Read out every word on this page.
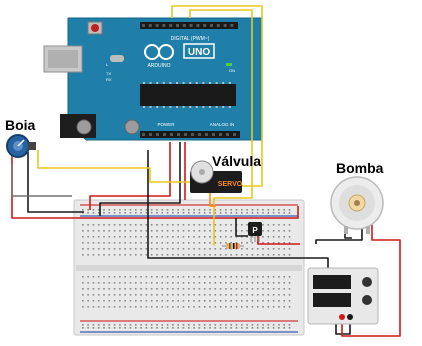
UNO
ARDUINO
DIGITAL (PWM~)
POWER	ANALOG IN
L
TX
RX
ON
SERVO
P
Boia
Válvula	Bomba
